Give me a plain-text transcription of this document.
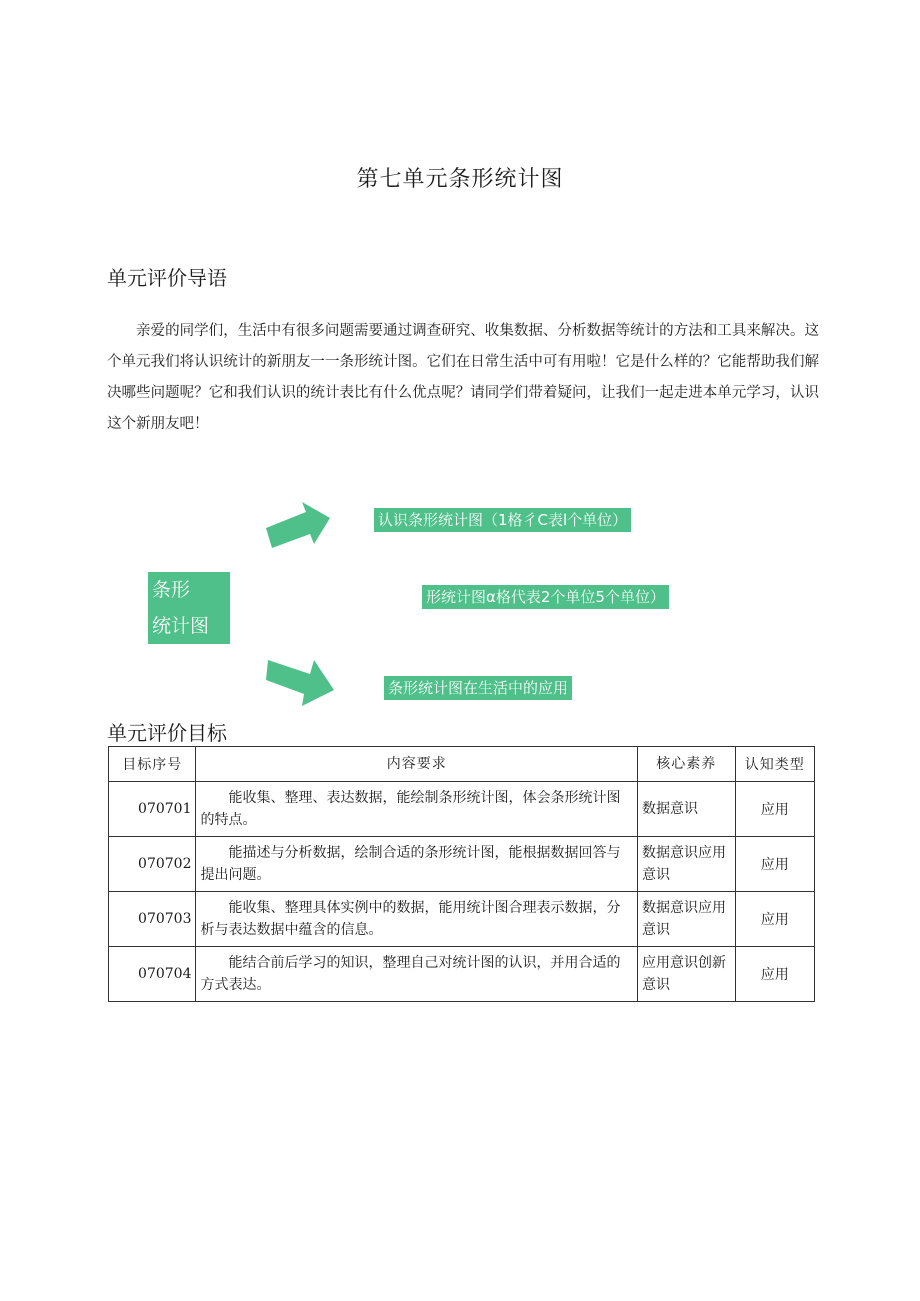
第七单元条形统计图
单元评价导语

亲爱的同学们，生活中有很多问题需要通过调查研究、收集数据、分析数据等统计的方法和工具来解决。这个单元我们将认识统计的新朋友一一条形统计图。它们在日常生活中可有用啦！它是什么样的？它能帮助我们解决哪些问题呢？它和我们认识的统计表比有什么优点呢？请同学们带着疑问，让我们一起走进本单元学习，认识这个新朋友吧！

条形
统计图
认识条形统计图（1格彳C表l个单位）
形统计图α格代表2个单位5个单位）
条形统计图在生活中的应用
单元评价目标
目标序号	内容要求	核心素养	认知类型
070701	能收集、整理、表达数据，能绘制条形统计图，体会条形统计图的特点。	数据意识	应用
070702	能描述与分析数据，绘制合适的条形统计图，能根据数据回答与提出问题。	数据意识应用意识	应用
070703	能收集、整理具体实例中的数据，能用统计图合理表示数据，分析与表达数据中蕴含的信息。	数据意识应用意识	应用
070704	能结合前后学习的知识，整理自己对统计图的认识，并用合适的方式表达。	应用意识创新意识	应用
